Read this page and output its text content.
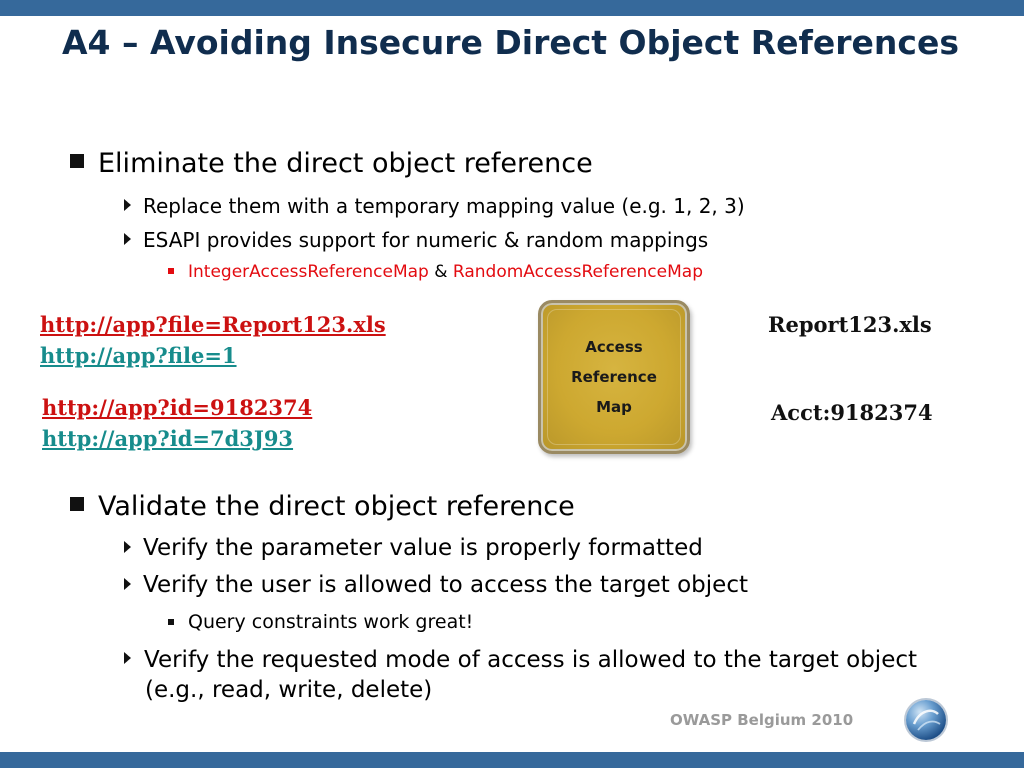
A4 – Avoiding Insecure Direct Object References
Eliminate the direct object reference
Replace them with a temporary mapping value (e.g. 1, 2, 3)
ESAPI provides support for numeric & random mappings
IntegerAccessReferenceMap & RandomAccessReferenceMap
http://app?file=Report123.xls
http://app?file=1
http://app?id=9182374
http://app?id=7d3J93
Access
Reference
Map
Report123.xls
Acct:9182374
Validate the direct object reference
Verify the parameter value is properly formatted
Verify the user is allowed to access the target object
Query constraints work great!
Verify the requested mode of access is allowed to the target object (e.g., read, write, delete)
OWASP Belgium 2010
